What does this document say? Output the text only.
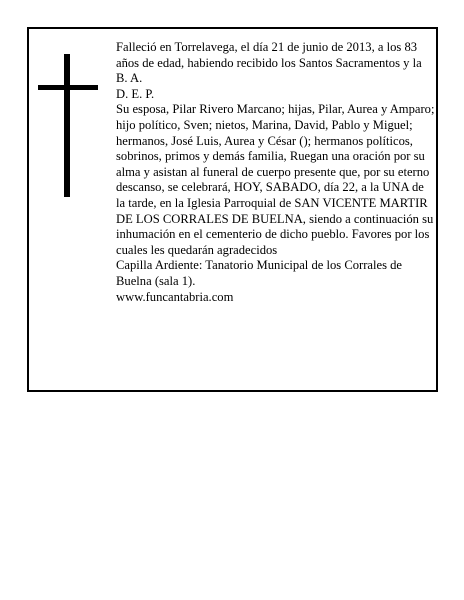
Falleció en Torrelavega, el día 21 de junio de 2013, a los 83 años de edad, habiendo recibido los Santos Sacramentos y la B. A.

D. E. P.

Su esposa, Pilar Rivero Marcano; hijas, Pilar, Aurea y Amparo; hijo político, Sven; nietos, Marina, David, Pablo y Miguel; hermanos, José Luis, Aurea y César (); hermanos políticos, sobrinos, primos y demás familia, Ruegan una oración por su alma y asistan al funeral de cuerpo presente que, por su eterno descanso, se celebrará, HOY, SABADO, día 22, a la UNA de la tarde, en la Iglesia Parroquial de SAN VICENTE MARTIR DE LOS CORRALES DE BUELNA, siendo a continuación su inhumación en el cementerio de dicho pueblo. Favores por los cuales les quedarán agradecidos

Capilla Ardiente: Tanatorio Municipal de los Corrales de Buelna (sala 1).

www.funcantabria.com
